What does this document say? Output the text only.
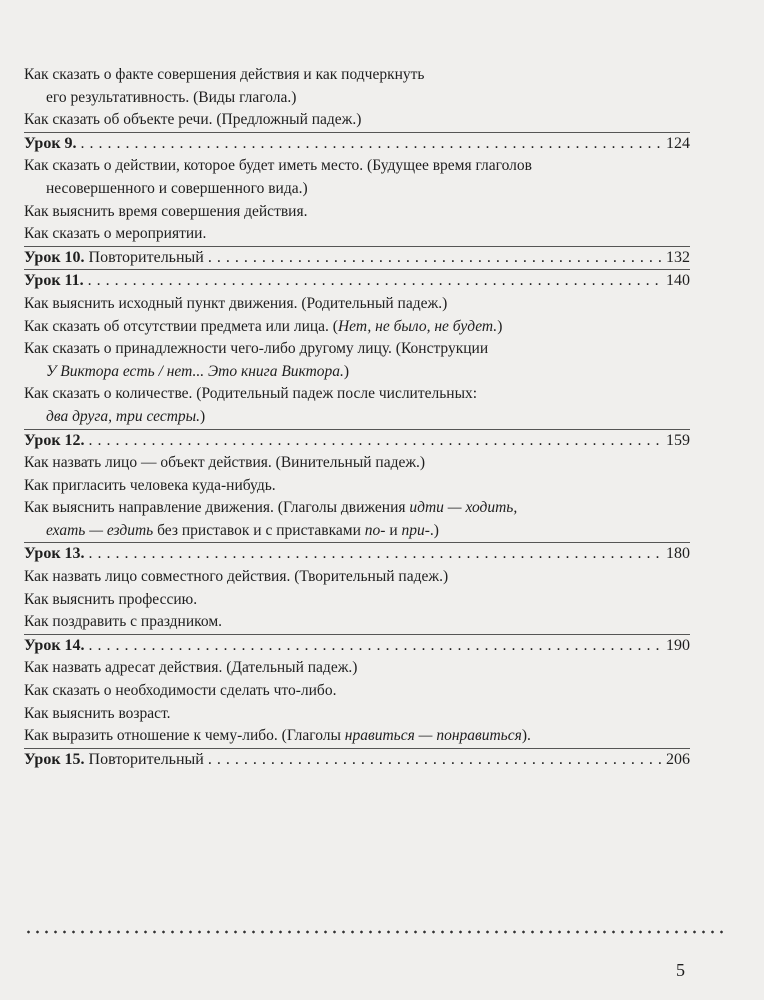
Как сказать о факте совершения действия и как подчеркнуть
его результативность. (Виды глагола.)
Как сказать об объекте речи. (Предложный падеж.)
Урок 9. . . .	124
Как сказать о действии, которое будет иметь место. (Будущее время глаголов
несовершенного и совершенного вида.)
Как выяснить время совершения действия.
Как сказать о мероприятии.
Урок 10. Повторительный . . .	132
Урок 11. . . .	140
Как выяснить исходный пункт движения. (Родительный падеж.)
Как сказать об отсутствии предмета или лица. (Нет, не было, не будет.)
Как сказать о принадлежности чего-либо другому лицу. (Конструкции
У Виктора есть / нет... Это книга Виктора.)
Как сказать о количестве. (Родительный падеж после числительных:
два друга, три сестры.)
Урок 12. . . .	159
Как назвать лицо — объект действия. (Винительный падеж.)
Как пригласить человека куда-нибудь.
Как выяснить направление движения. (Глаголы движения идти — ходить,
ехать — ездить без приставок и с приставками по- и при-.)
Урок 13. . . .	180
Как назвать лицо совместного действия. (Творительный падеж.)
Как выяснить профессию.
Как поздравить с праздником.
Урок 14. . . .	190
Как назвать адресат действия. (Дательный падеж.)
Как сказать о необходимости сделать что-либо.
Как выяснить возраст.
Как выразить отношение к чему-либо. (Глаголы нравиться — понравиться).
Урок 15. Повторительный . . .	206
5
